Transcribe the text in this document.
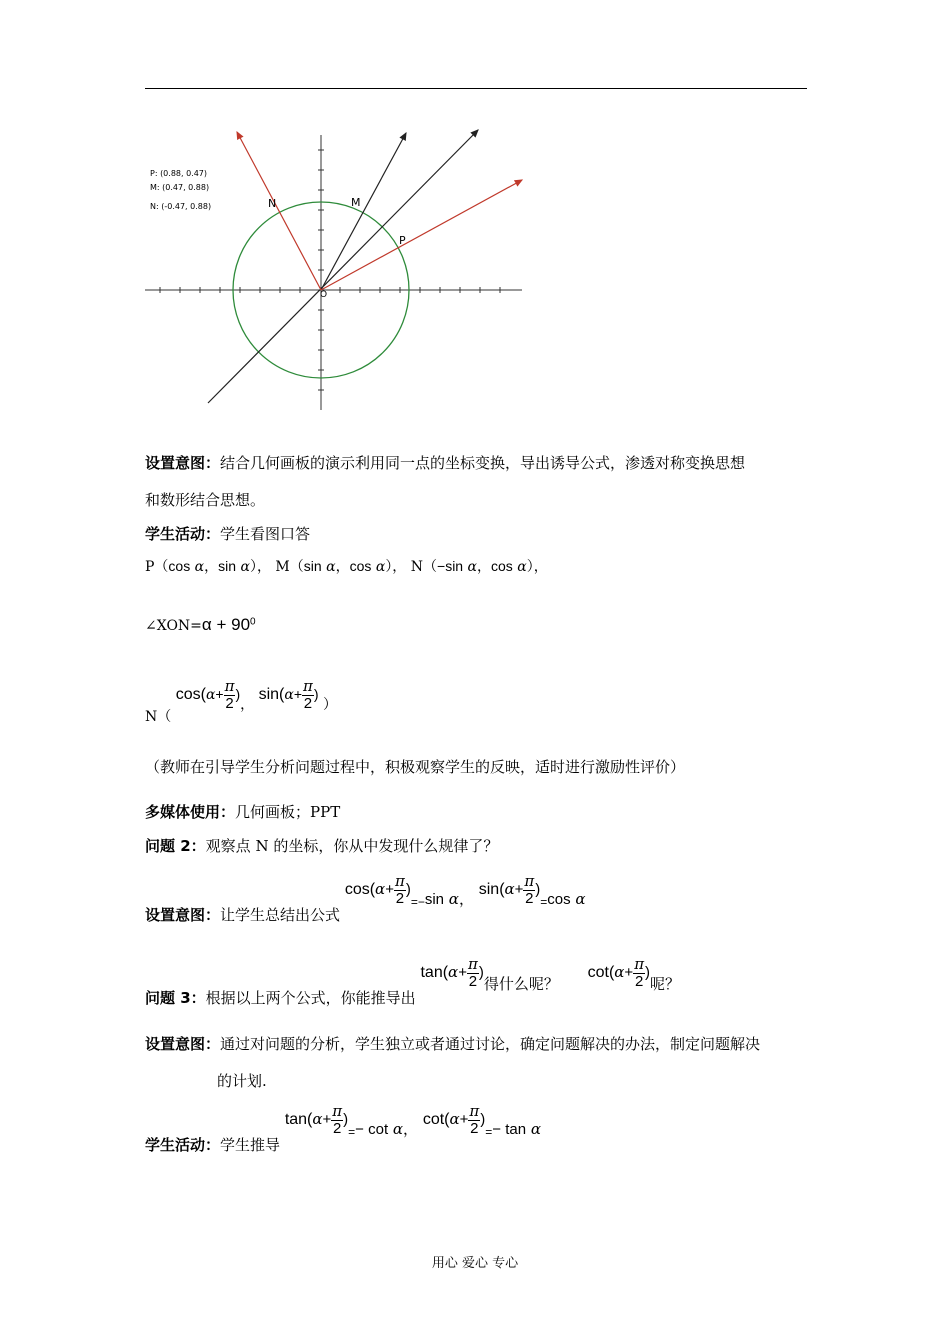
P: (0.88, 0.47)
M: (0.47, 0.88)
N: (-0.47, 0.88)	N	M
P
O
设置意图：结合几何画板的演示利用同一点的坐标变换，导出诱导公式，渗透对称变换思想
和数形结合思想。
学生活动：学生看图口答
P（cos α，sin α）， M（sin α，cos α）， N（−sin α，cos α），
∠XON=α + $90^0$
N（ $\cos(\alpha+ \frac{\pi}{2}$ )， $\sin(\alpha+ \frac{\pi}{2}$ ) ）
（教师在引导学生分析问题过程中，积极观察学生的反映，适时进行激励性评价）
多媒体使用：几何画板；PPT
问题 2：观察点 N 的坐标，你从中发现什么规律了？
设置意图：让学生总结出公式 $\cos(\alpha+ \frac{\pi}{2} )_{=-}\sin$ α， $\sin(\alpha+ \frac{\pi}{2} )_=\cos$ α
问题 3：根据以上两个公式，你能推导出 $\tan(\alpha+ \frac{\pi}{2}$ )得什么呢？ $\cot(\alpha+ \frac{\pi}{2}$ )呢？
设置意图：通过对问题的分析，学生独立或者通过讨论，确定问题解决的办法，制定问题解决
的计划.
学生活动：学生推导 $\tan(\alpha+ \frac{\pi}{2} )_=- \cot \alpha$， $\cot(\alpha+ \frac{\pi}{2} )_=- \tan \alpha$
用心 爱心 专心
